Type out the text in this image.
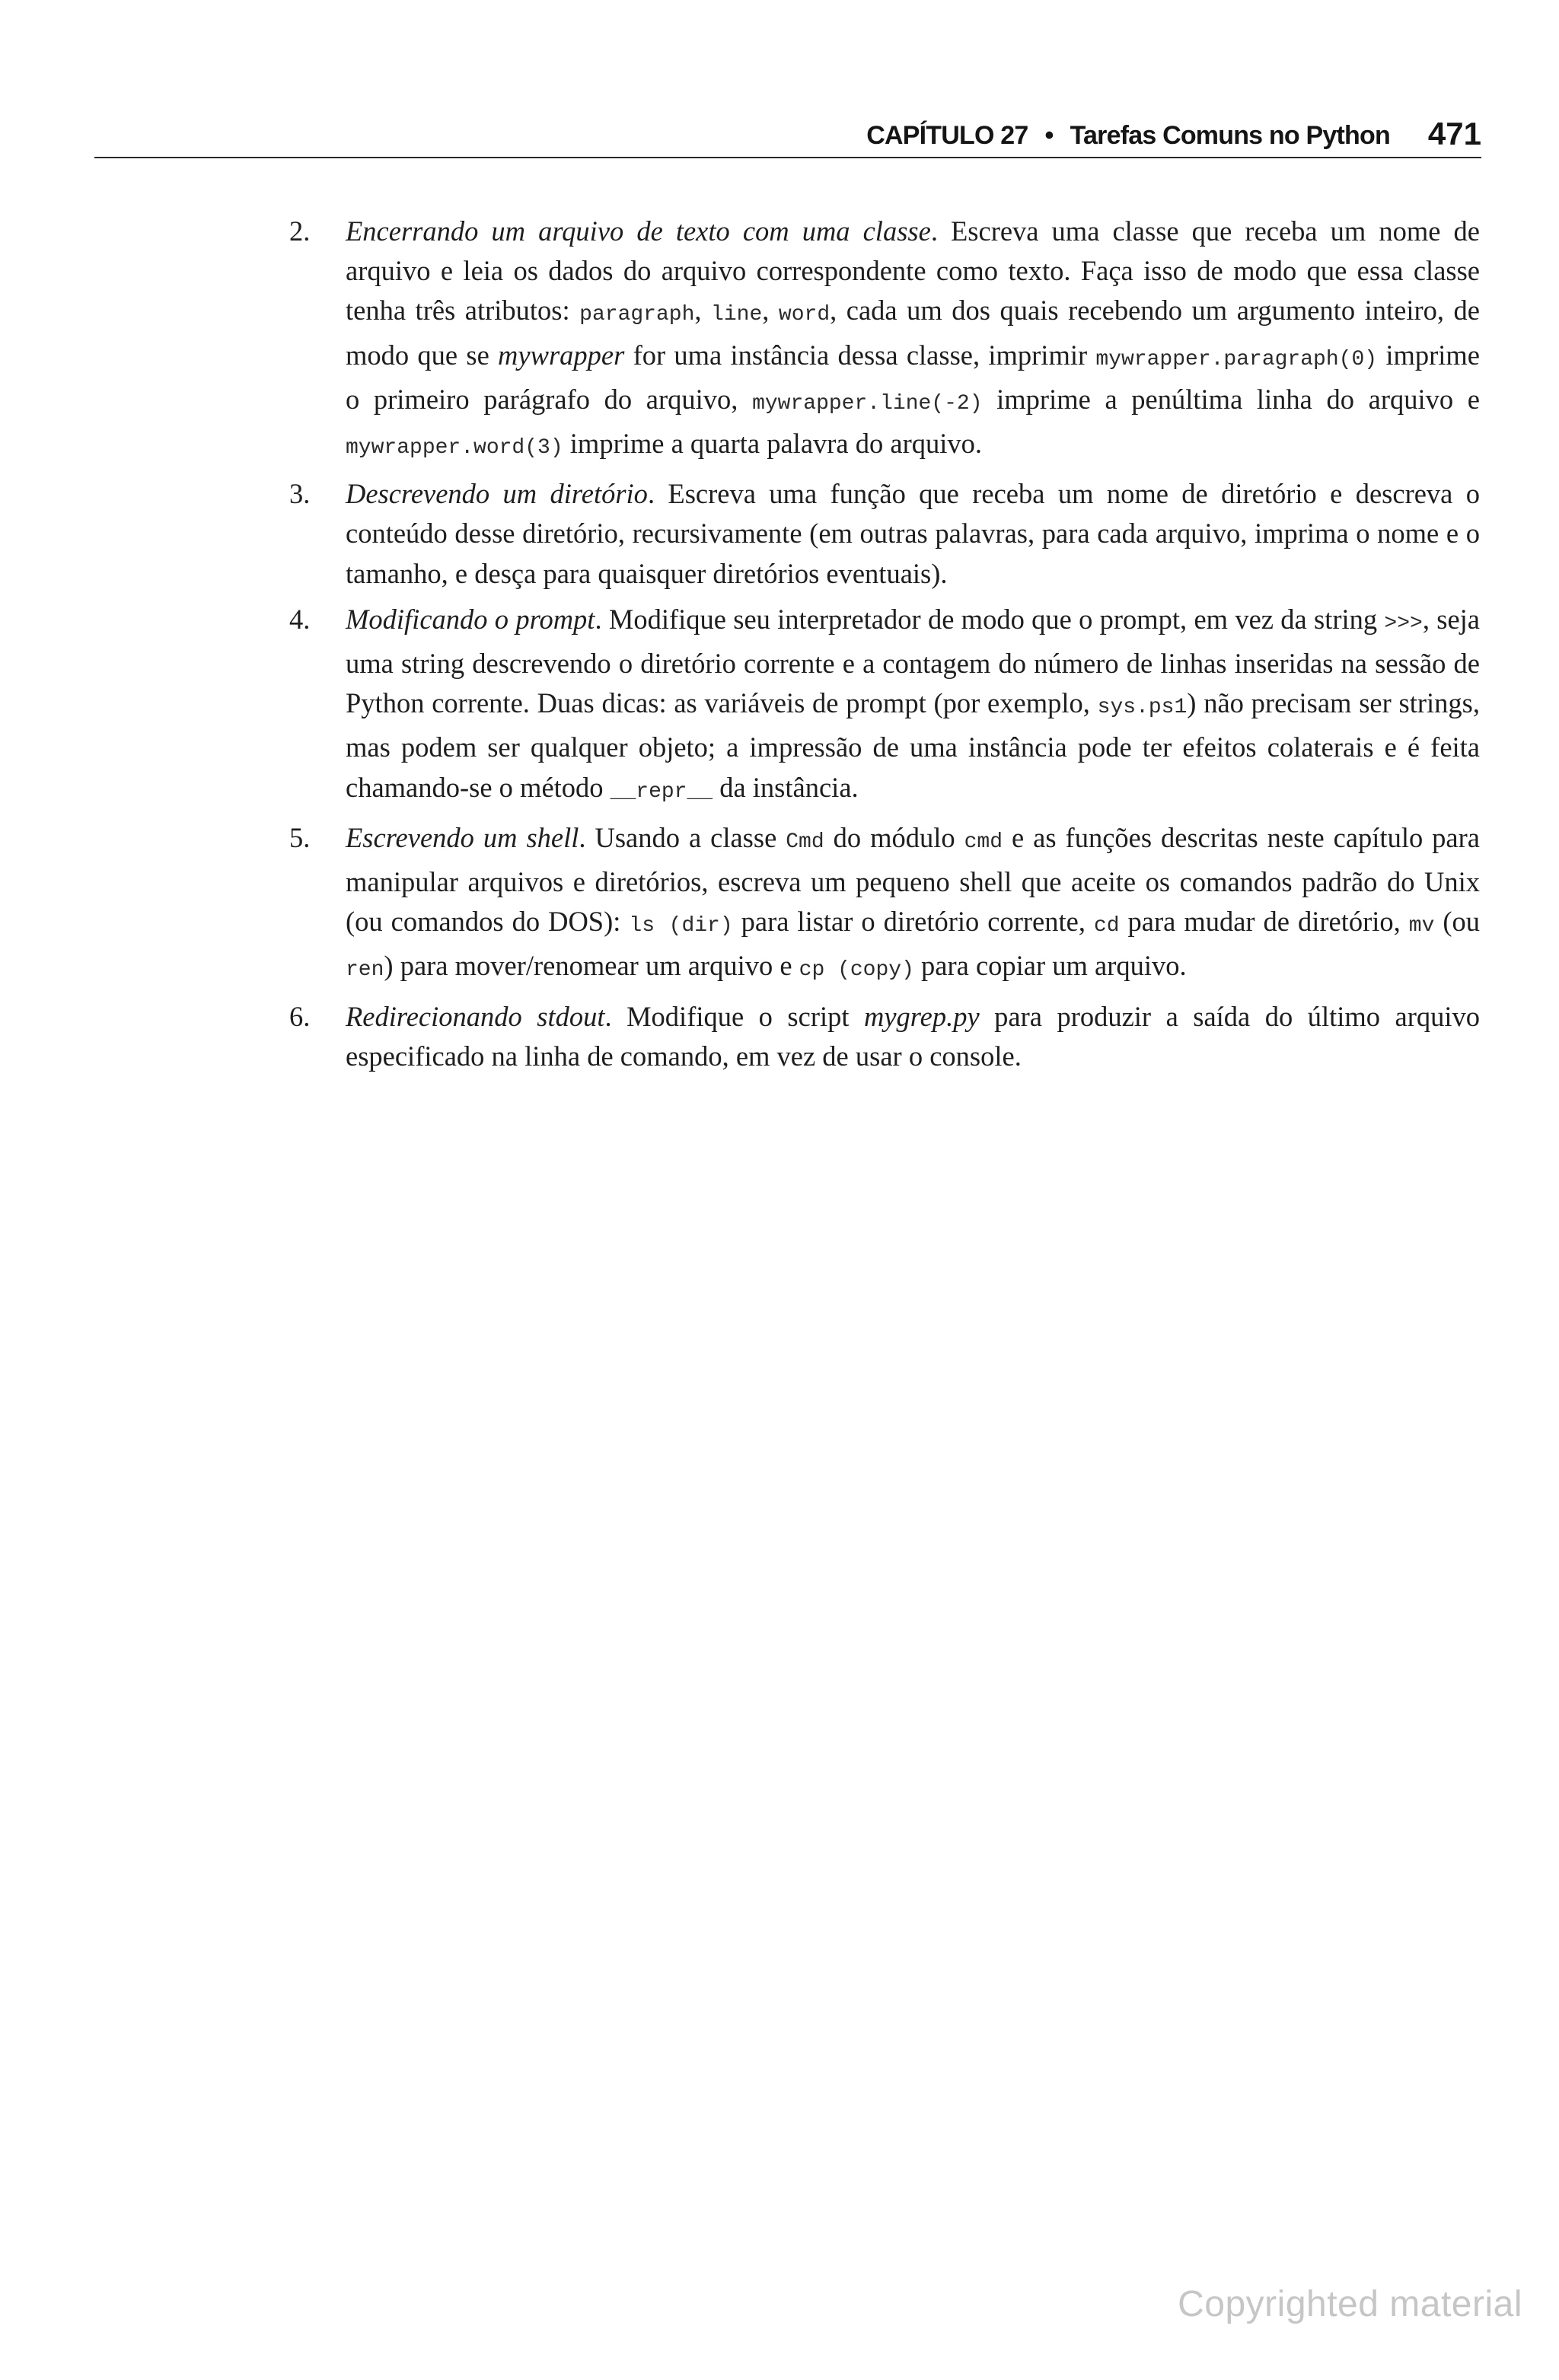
CAPÍTULO 27 • Tarefas Comuns no Python 471
2. Encerrando um arquivo de texto com uma classe. Escreva uma classe que receba um nome de arquivo e leia os dados do arquivo correspondente como texto. Faça isso de modo que essa classe tenha três atributos: paragraph, line, word, cada um dos quais recebendo um argumento inteiro, de modo que se mywrapper for uma instância dessa classe, imprimir mywrapper.paragraph(0) imprime o primeiro parágrafo do arquivo, mywrapper.line(-2) imprime a penúltima linha do arquivo e mywrapper.word(3) imprime a quarta palavra do arquivo.
3. Descrevendo um diretório. Escreva uma função que receba um nome de diretório e descreva o conteúdo desse diretório, recursivamente (em outras palavras, para cada arquivo, imprima o nome e o tamanho, e desça para quaisquer diretórios eventuais).
4. Modificando o prompt. Modifique seu interpretador de modo que o prompt, em vez da string >>>, seja uma string descrevendo o diretório corrente e a contagem do número de linhas inseridas na sessão de Python corrente. Duas dicas: as variáveis de prompt (por exemplo, sys.ps1) não precisam ser strings, mas podem ser qualquer objeto; a impressão de uma instância pode ter efeitos colaterais e é feita chamando-se o método __repr__ da instância.
5. Escrevendo um shell. Usando a classe Cmd do módulo cmd e as funções descritas neste capítulo para manipular arquivos e diretórios, escreva um pequeno shell que aceite os comandos padrão do Unix (ou comandos do DOS): ls (dir) para listar o diretório corrente, cd para mudar de diretório, mv (ou ren) para mover/renomear um arquivo e cp (copy) para copiar um arquivo.
6. Redirecionando stdout. Modifique o script mygrep.py para produzir a saída do último arquivo especificado na linha de comando, em vez de usar o console.
Copyrighted material
